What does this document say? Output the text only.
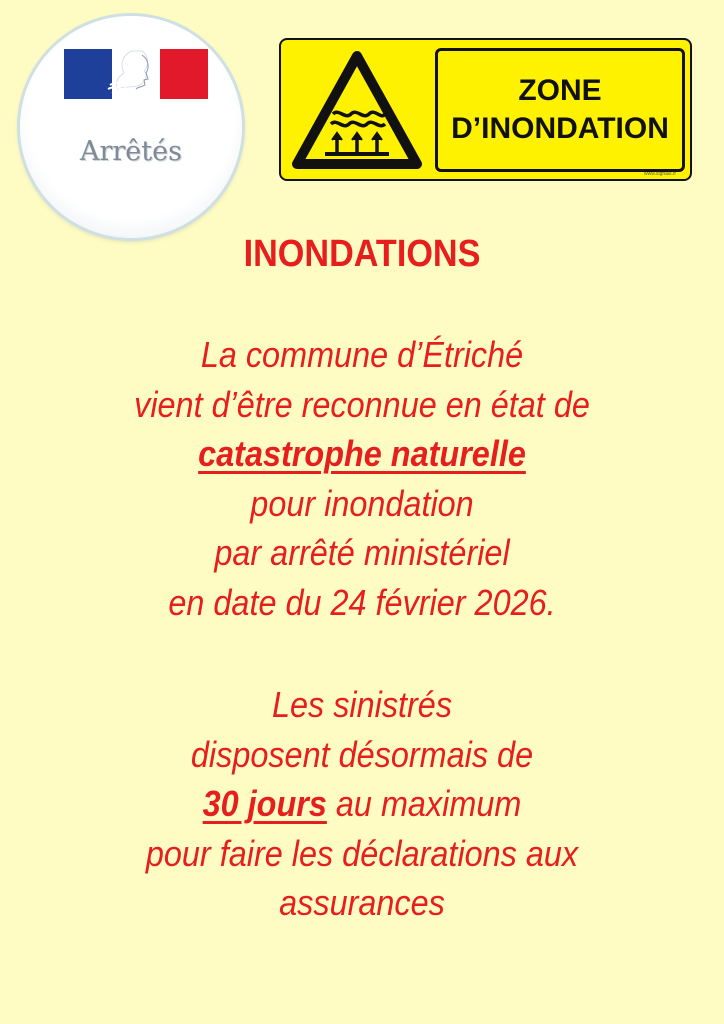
Arrêtés
ZONE
D’INONDATION
www.signals.fr
INONDATIONS
La commune d’Étriché
vient d’être reconnue en état de
catastrophe naturelle
pour inondation
par arrêté ministériel
en date du 24 février 2026.
Les sinistrés
disposent désormais de
30 jours au maximum
pour faire les déclarations aux
assurances
